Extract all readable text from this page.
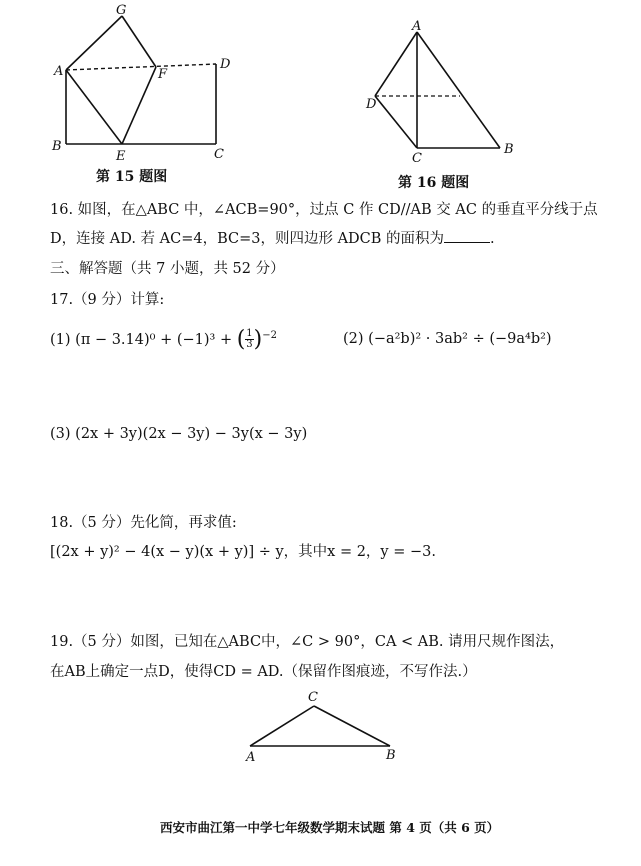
G
A	F
D
B
E	C
第 15 题图
A
D
C
B
第 16 题图
16. 如图，在△ABC 中，∠ACB=90°，过点 C 作 CD//AB 交 AC 的垂直平分线于点
D，连接 AD. 若 AC=4，BC=3，则四边形 ADCB 的面积为	.
三、解答题（共 7 小题，共 52 分）
17.（9 分）计算:
(1) (π − 3.14)⁰ + (−1)³ + ( $\frac{1}{3} )^{-2}$	(2) (−a²b)² · 3ab² ÷ (−9a⁴b²)
(3) (2x + 3y)(2x − 3y) − 3y(x − 3y)
18.（5 分）先化简，再求值:
[(2x + y)² − 4(x − y)(x + y)] ÷ y，其中x = 2，y = −3.
19.（5 分）如图，已知在△ABC中，∠C > 90°，CA < AB. 请用尺规作图法，
在AB上确定一点D，使得CD = AD.（保留作图痕迹，不写作法.）
C
A	B
西安市曲江第一中学七年级数学期末试题 第 4 页（共 6 页）
